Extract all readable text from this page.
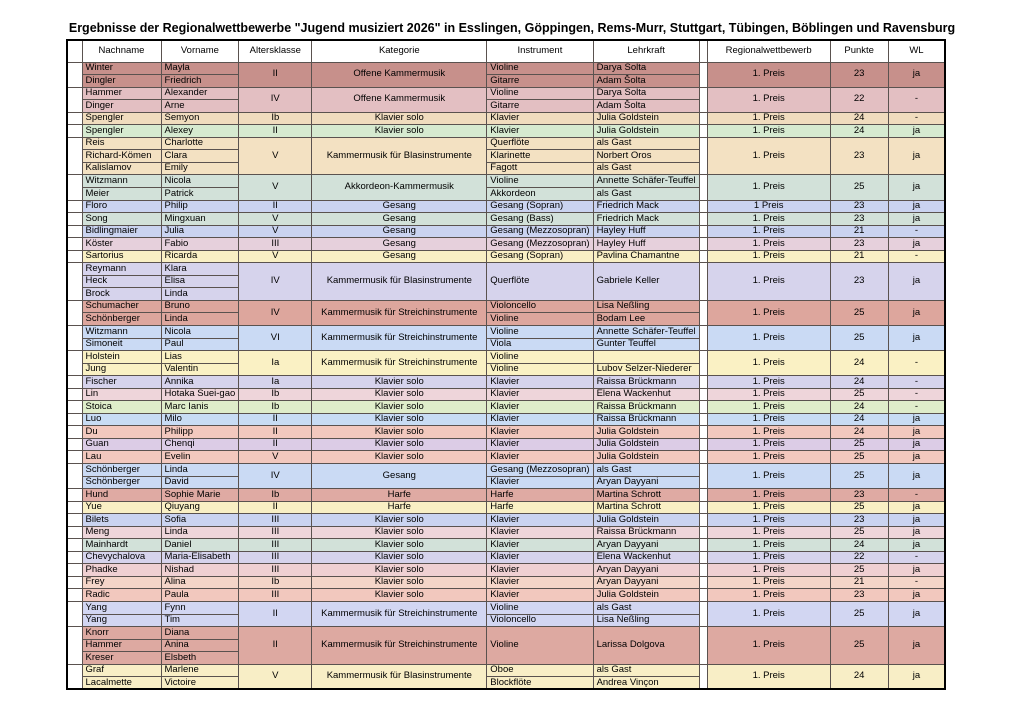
Ergebnisse der Regionalwettbewerbe "Jugend musiziert 2026" in Esslingen, Göppingen, Rems-Murr, Stuttgart, Tübingen, Böblingen und Ravensburg
	Nachname	Vorname	Altersklasse	Kategorie	Instrument	Lehrkraft		Regionalwettbewerb	Punkte	WL
	Winter	Mayla	II	Offene Kammermusik	Violine	Darya Šolta		1. Preis	23	ja
	Dingler	Friedrich			Gitarre	Adam Šolta				
	Hammer	Alexander	IV	Offene Kammermusik	Violine	Darya Šolta		1. Preis	22	-
	Dinger	Arne			Gitarre	Adam Šolta				
	Spengler	Semyon	Ib	Klavier solo	Klavier	Julia Goldstein		1. Preis	24	-
	Spengler	Alexey	II	Klavier solo	Klavier	Julia Goldstein		1. Preis	24	ja
	Reis	Charlotte	V	Kammermusik für Blasinstrumente	Querflöte	als Gast		1. Preis	23	ja
	Richard-Kömen	Clara			Klarinette	Norbert Oros				
	Kalislamov	Emily			Fagott	als Gast				
	Witzmann	Nicola	V	Akkordeon-Kammermusik	Violine	Annette Schäfer-Teuffel		1. Preis	25	ja
	Meier	Patrick			Akkordeon	als Gast				
	Floro	Philip	II	Gesang	Gesang (Sopran)	Friedrich Mack		1 Preis	23	ja
	Song	Mingxuan	V	Gesang	Gesang (Bass)	Friedrich Mack		1. Preis	23	ja
	Bidlingmaier	Julia	V	Gesang	Gesang (Mezzosopran)	Hayley Huff		1. Preis	21	-
	Köster	Fabio	III	Gesang	Gesang (Mezzosopran)	Hayley Huff		1. Preis	23	ja
	Sartorius	Ricarda	V	Gesang	Gesang (Sopran)	Pavlina Chamantne		1. Preis	21	-
	Reymann	Klara	IV	Kammermusik für Blasinstrumente	Querflöte	Gabriele Keller		1. Preis	23	ja
	Heck	Elisa								
	Brock	Linda								
	Schumacher	Bruno	IV	Kammermusik für Streichinstrumente	Violoncello	Lisa Neßling		1. Preis	25	ja
	Schönberger	Linda			Violine	Bodam Lee				
	Witzmann	Nicola	VI	Kammermusik für Streichinstrumente	Violine	Annette Schäfer-Teuffel		1. Preis	25	ja
	Simoneit	Paul			Viola	Gunter Teuffel				
	Holstein	Lias	Ia	Kammermusik für Streichinstrumente	Violine			1. Preis	24	-
	Jung	Valentin			Violine	Lubov Selzer-Niederer				
	Fischer	Annika	Ia	Klavier solo	Klavier	Raissa Brückmann		1. Preis	24	-
	Lin	Hotaka Suei-gao	Ib	Klavier solo	Klavier	Elena Wackenhut		1. Preis	25	-
	Stoica	Marc Ianis	Ib	Klavier solo	Klavier	Raissa Brückmann		1. Preis	24	-
	Luo	Milo	II	Klavier solo	Klavier	Raissa Brückmann		1. Preis	24	ja
	Du	Philipp	II	Klavier solo	Klavier	Julia Goldstein		1. Preis	24	ja
	Guan	Chenqi	II	Klavier solo	Klavier	Julia Goldstein		1. Preis	25	ja
	Lau	Evelin	V	Klavier solo	Klavier	Julia Goldstein		1. Preis	25	ja
	Schönberger	Linda	IV	Gesang	Gesang (Mezzosopran)	als Gast		1. Preis	25	ja
	Schönberger	David			Klavier	Aryan Dayyani				
	Hund	Sophie Marie	Ib	Harfe	Harfe	Martina Schrott		1. Preis	23	-
	Yue	Qiuyang	II	Harfe	Harfe	Martina Schrott		1. Preis	25	ja
	Bilets	Sofia	III	Klavier solo	Klavier	Julia Goldstein		1. Preis	23	ja
	Meng	Linda	III	Klavier solo	Klavier	Raissa Brückmann		1. Preis	25	ja
	Mainhardt	Daniel	III	Klavier solo	Klavier	Aryan Dayyani		1. Preis	24	ja
	Chevychalova	Maria-Elisabeth	III	Klavier solo	Klavier	Elena Wackenhut		1. Preis	22	-
	Phadke	Nishad	III	Klavier solo	Klavier	Aryan Dayyani		1. Preis	25	ja
	Frey	Alina	Ib	Klavier solo	Klavier	Aryan Dayyani		1. Preis	21	-
	Radic	Paula	III	Klavier solo	Klavier	Julia Goldstein		1. Preis	23	ja
	Yang	Fynn	II	Kammermusik für Streichinstrumente	Violine	als Gast		1. Preis	25	ja
	Yang	Tim			Violoncello	Lisa Neßling				
	Knorr	Diana	II	Kammermusik für Streichinstrumente	Violine	Larissa Dolgova		1. Preis	25	ja
	Hammer	Anina								
	Kreser	Elsbeth								
	Graf	Marlene	V	Kammermusik für Blasinstrumente	Oboe	als Gast		1. Preis	24	ja
	Lacalmette	Victoire			Blockflöte	Andrea Vinçon				
